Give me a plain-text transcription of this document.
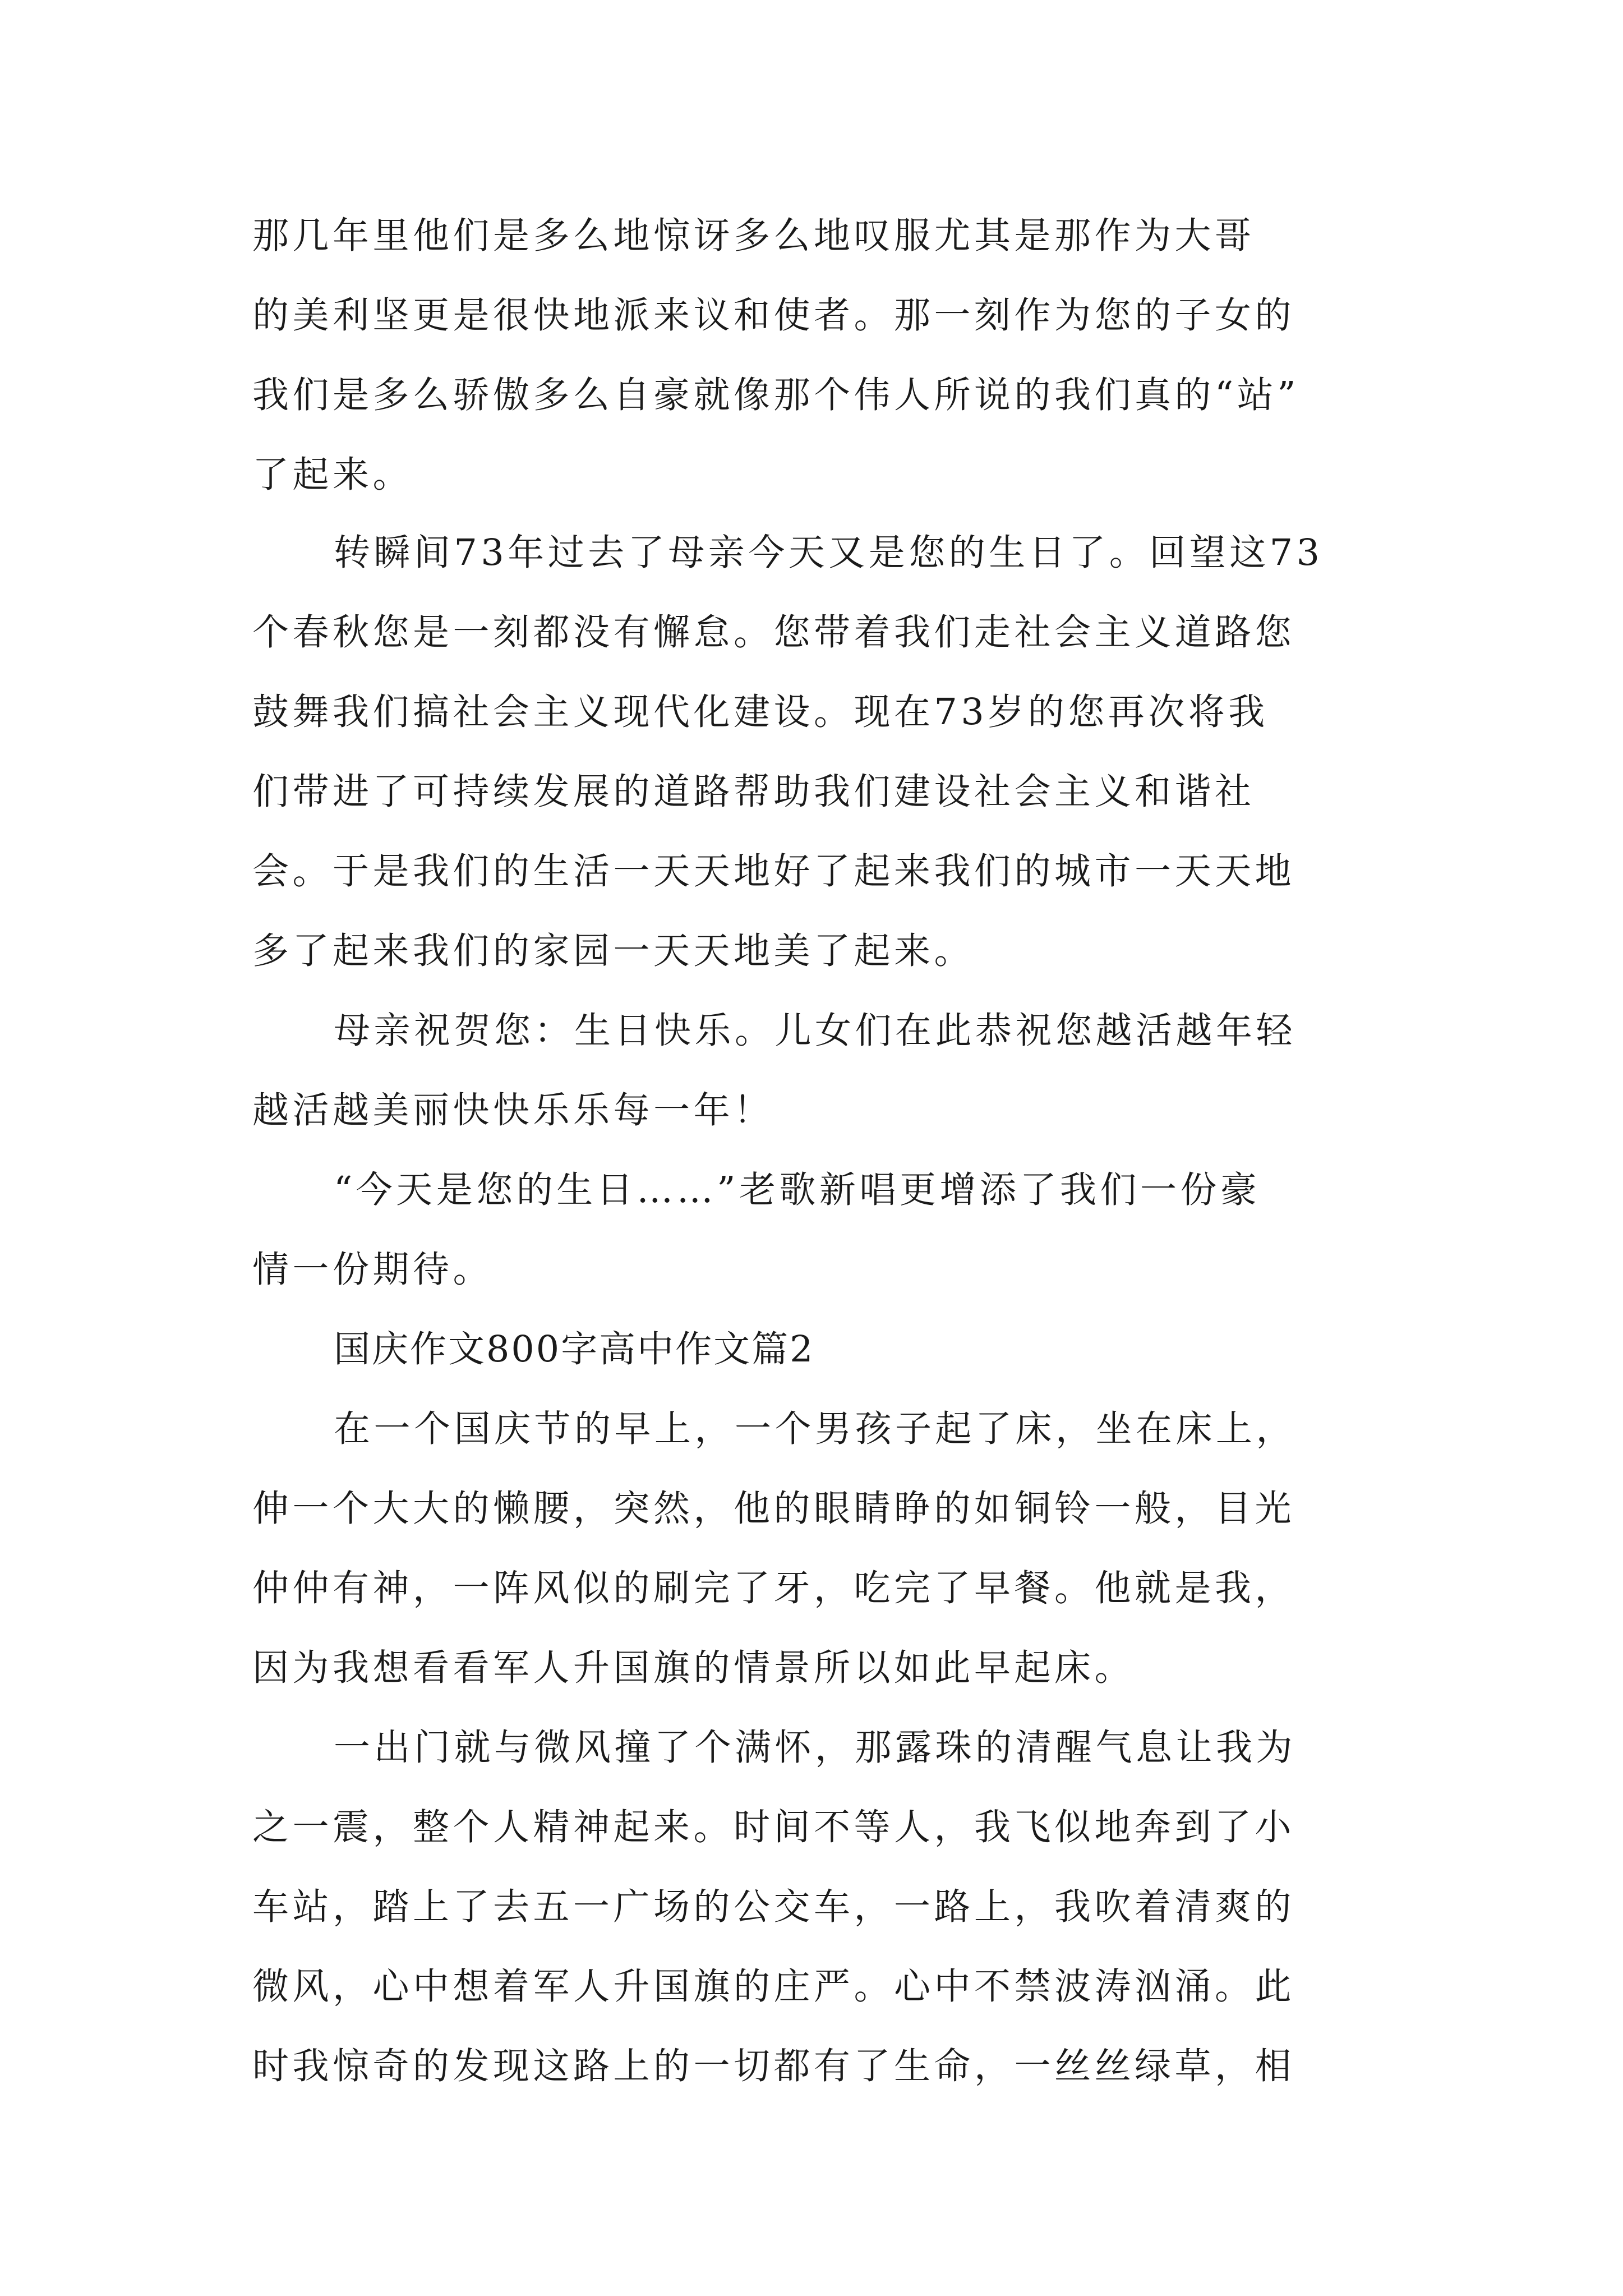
那几年里他们是多么地惊讶多么地叹服尤其是那作为大哥
的美利坚更是很快地派来议和使者。那一刻作为您的子女的
我们是多么骄傲多么自豪就像那个伟人所说的我们真的“站”
了起来。
转瞬间73年过去了母亲今天又是您的生日了。回望这73
个春秋您是一刻都没有懈怠。您带着我们走社会主义道路您
鼓舞我们搞社会主义现代化建设。现在73岁的您再次将我
们带进了可持续发展的道路帮助我们建设社会主义和谐社
会。于是我们的生活一天天地好了起来我们的城市一天天地
多了起来我们的家园一天天地美了起来。
母亲祝贺您：生日快乐。儿女们在此恭祝您越活越年轻
越活越美丽快快乐乐每一年！
“今天是您的生日……”老歌新唱更增添了我们一份豪
情一份期待。
国庆作文800字高中作文篇2
在一个国庆节的早上，一个男孩子起了床，坐在床上，
伸一个大大的懒腰，突然，他的眼睛睁的如铜铃一般，目光
仲仲有神，一阵风似的刷完了牙，吃完了早餐。他就是我，
因为我想看看军人升国旗的情景所以如此早起床。
一出门就与微风撞了个满怀，那露珠的清醒气息让我为
之一震，整个人精神起来。时间不等人，我飞似地奔到了小
车站，踏上了去五一广场的公交车，一路上，我吹着清爽的
微风，心中想着军人升国旗的庄严。心中不禁波涛汹涌。此
时我惊奇的发现这路上的一切都有了生命，一丝丝绿草，相
